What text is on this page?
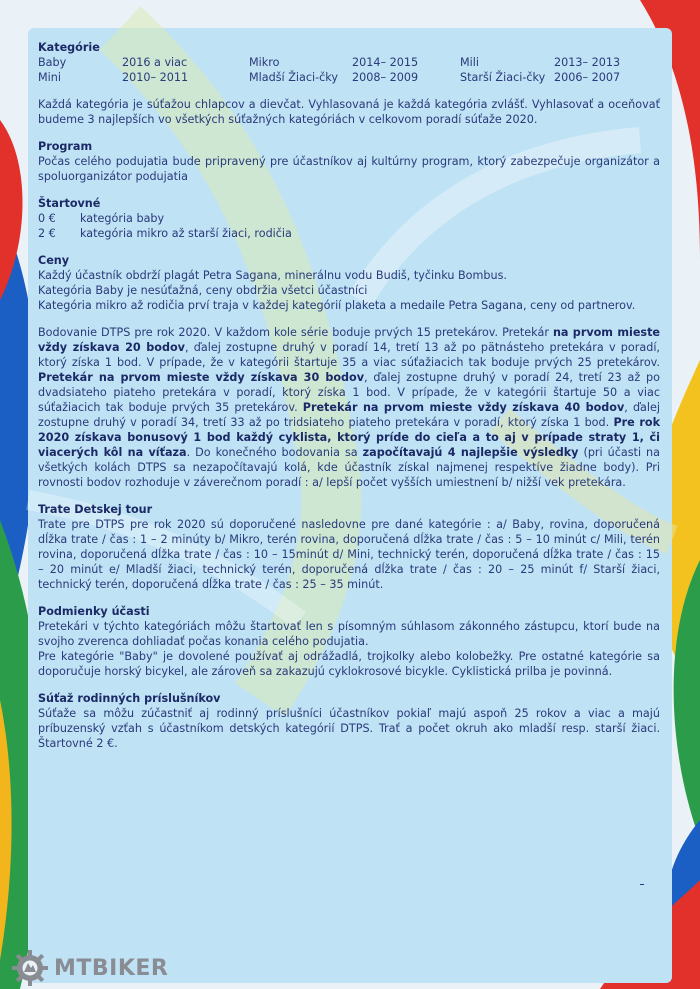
Kategórie

Baby	2016 a viac	Mikro	2014– 2015	Mili	2013– 2013
Mini	2010– 2011	Mladší Žiaci-čky	2008– 2009	Starší Žiaci-čky 2006– 2007

Každá kategória je súťažou chlapcov a dievčat. Vyhlasovaná je každá kategória zvlášť. Vyhlasovať a oceňovať budeme 3 najlepších vo všetkých súťažných kategóriách v celkovom poradí súťaže 2020.

Program

Počas celého podujatia bude pripravený pre účastníkov aj kultúrny program, ktorý zabezpečuje organizátor a spoluorganizátor podujatia

Štartovné

0 €	kategória baby
2 €	kategória mikro až starší žiaci, rodičia

Ceny

Každý účastník obdrží plagát Petra Sagana, minerálnu vodu Budiš, tyčinku Bombus.

Kategória Baby je nesúťažná, ceny obdržia všetci účastníci

Kategória mikro až rodičia prví traja v každej kategórií plaketa a medaile Petra Sagana, ceny od partnerov.

Bodovanie DTPS pre rok 2020. V každom kole série boduje prvých 15 pretekárov. Pretekár na prvom mieste vždy získava 20 bodov, ďalej zostupne druhý v poradí 14, tretí 13 až po pätnásteho pretekára v poradí, ktorý získa 1 bod. V prípade, že v kategórii štartuje 35 a viac súťažiacich tak boduje prvých 25 pretekárov. Pretekár na prvom mieste vždy získava 30 bodov, ďalej zostupne druhý v poradí 24, tretí 23 až po dvadsiateho piateho pretekára v poradí, ktorý získa 1 bod. V prípade, že v kategórii štartuje 50 a viac súťažiacich tak boduje prvých 35 pretekárov. Pretekár na prvom mieste vždy získava 40 bodov, ďalej zostupne druhý v poradí 34, tretí 33 až po tridsiateho piateho pretekára v poradí, ktorý získa 1 bod. Pre rok 2020 získava bonusový 1 bod každý cyklista, ktorý príde do cieľa a to aj v prípade straty 1, či viacerých kôl na víťaza. Do konečného bodovania sa započítavajú 4 najlepšie výsledky (pri účasti na všetkých kolách DTPS sa nezapočítavajú kolá, kde účastník získal najmenej respektíve žiadne body). Pri rovnosti bodov rozhoduje v záverečnom poradí : a/ lepší počet vyšších umiestnení b/ nižší vek pretekára.

Trate Detskej tour

Trate pre DTPS pre rok 2020 sú doporučené nasledovne pre dané kategórie : a/ Baby, rovina, doporučená dĺžka trate / čas : 1 – 2 minúty b/ Mikro, terén rovina, doporučená dĺžka trate / čas : 5 – 10 minút c/ Mili, terén rovina, doporučená dĺžka trate / čas : 10 – 15minút d/ Mini, technický terén, doporučená dĺžka trate / čas : 15 – 20 minút e/ Mladší žiaci, technický terén, doporučená dĺžka trate / čas : 20 – 25 minút f/ Starší žiaci, technický terén, doporučená dĺžka trate / čas : 25 – 35 minút.

Podmienky účasti

Pretekári v týchto kategóriách môžu štartovať len s písomným súhlasom zákonného zástupcu, ktorí bude na svojho zverenca dohliadať počas konania celého podujatia.

Pre kategórie "Baby" je dovolené používať aj odrážadlá, trojkolky alebo kolobežky. Pre ostatné kategórie sa doporučuje horský bicykel, ale zároveň sa zakazujú cyklokrosové bicykle. Cyklistická prilba je povinná.

Súťaž rodinných príslušníkov

Súťaže sa môžu zúčastniť aj rodinný príslušníci účastníkov pokiaľ majú aspoň 25 rokov a viac a majú príbuzenský vzťah s účastníkom detských kategórií DTPS. Trať a počet okruh ako mladší resp. starší žiaci. Štartovné 2 €.

MTBIKER
